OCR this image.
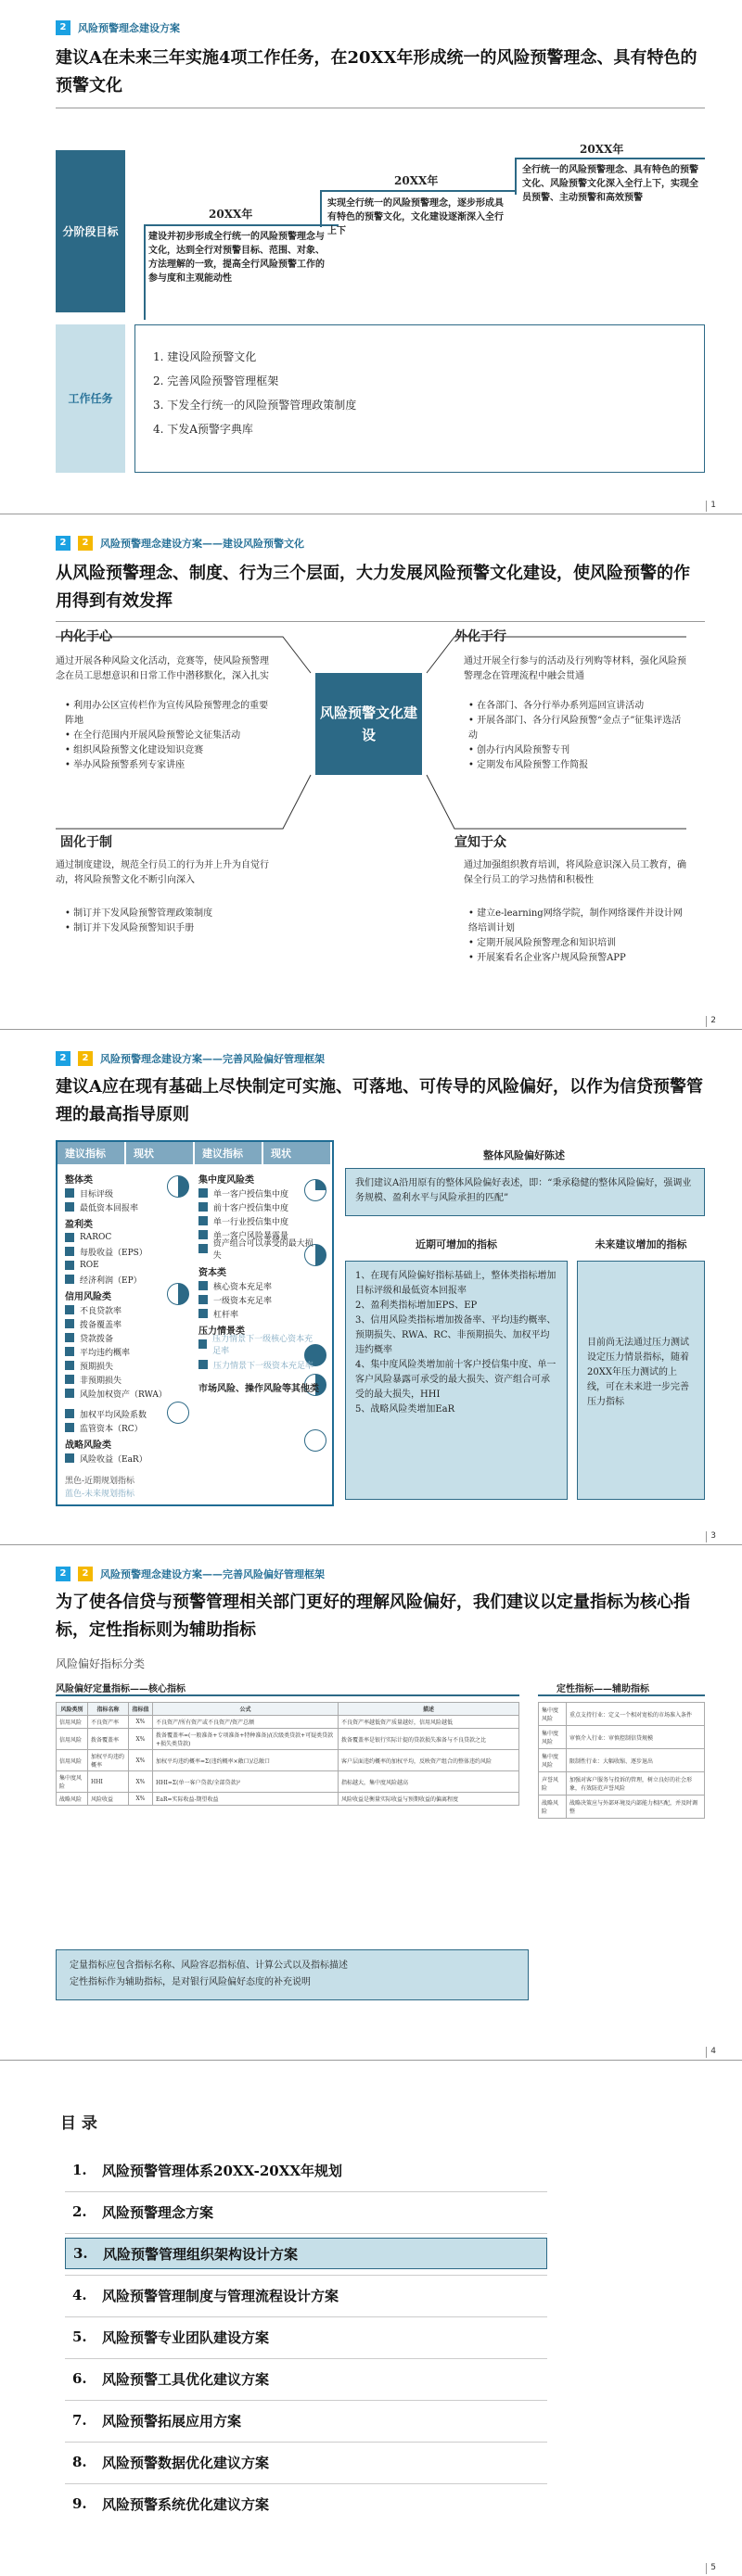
2	风险预警理念建设方案
建议A在未来三年实施4项工作任务，在20XX年形成统一的风险预警理念、具有特色的预警文化
分阶段目标
20XX年
20XX年
20XX年
建设并初步形成全行统一的风险预警理念与文化，达到全行对预警目标、范围、对象、方法理解的一致，提高全行风险预警工作的参与度和主观能动性
实现全行统一的风险预警理念，逐步形成具有特色的预警文化，文化建设逐渐深入全行上下
全行统一的风险预警理念、具有特色的预警文化、风险预警文化深入全行上下，实现全员预警、主动预警和高效预警
工作任务
1. 建设风险预警文化
2. 完善风险预警管理框架
3. 下发全行统一的风险预警管理政策制度
4. 下发A预警字典库
1
2	2	风险预警理念建设方案——建设风险预警文化
从风险预警理念、制度、行为三个层面，大力发展风险预警文化建设，使风险预警的作用得到有效发挥
风险预警文化建设
内化于心
通过开展各种风险文化活动，竞赛等，使风险预警理念在员工思想意识和日常工作中潜移默化，深入扎实
• 利用办公区宣传栏作为宣传风险预警理念的重要阵地
• 在全行范围内开展风险预警论文征集活动
• 组织风险预警文化建设知识竞赛
• 举办风险预警系列专家讲座
外化于行
通过开展全行参与的活动及行列购等材料，强化风险预警理念在管理流程中融会贯通
• 在各部门、各分行举办系列巡回宣讲活动
• 开展各部门、各分行风险预警“金点子”征集评选活动
• 创办行内风险预警专刊
• 定期发布风险预警工作简报
固化于制
通过制度建设，规范全行员工的行为并上升为自觉行动，将风险预警文化不断引向深入
• 制订并下发风险预警管理政策制度
• 制订并下发风险预警知识手册
宣知于众
通过加强组织教育培训，将风险意识深入员工教育，确保全行员工的学习热情和积极性
• 建立e-learning网络学院，制作网络课件并设计网络培训计划
• 定期开展风险预警理念和知识培训
• 开展案看名企业客户规风险预警APP
2
2	2	风险预警理念建设方案——完善风险偏好管理框架
建议A应在现有基础上尽快制定可实施、可落地、可传导的风险偏好，以作为信贷预警管理的最高指导原则
建议指标	现状	建议指标	现状
整体类
目标评级
最低资本回报率
盈利类
RAROC
每股收益（EPS）
ROE
经济利润（EP）
信用风险类
不良贷款率
拨备覆盖率
贷款拨备
平均违约概率
预期损失
非预期损失
风险加权资产（RWA）
加权平均风险系数
监管资本（RC）
战略风险类
风险收益（EaR）
集中度风险类
单一客户授信集中度
前十客户授信集中度
单一行业授信集中度
单一客户风险暴露量
资产组合可以承受的最大损失
资本类
核心资本充足率
一级资本充足率
杠杆率
压力情景类
压力情景下一级核心资本充足率
压力情景下一级资本充足率
市场风险、操作风险等其他类
黑色-近期规划指标
蓝色-未来规划指标
整体风险偏好陈述
我们建议A沿用原有的整体风险偏好表述，即：“秉承稳健的整体风险偏好，强调业务规模、盈利水平与风险承担的匹配”
近期可增加的指标
1、在现有风险偏好指标基础上，整体类指标增加目标评级和最低资本回报率
2、盈利类指标增加EPS、EP
3、信用风险类指标增加拨备率、平均违约概率、预期损失、RWA、RC、非预期损失、加权平均违约概率
4、集中度风险类增加前十客户授信集中度、单一客户风险暴露可承受的最大损失、资产组合可承受的最大损失，HHI
5、战略风险类增加EaR
未来建议增加的指标
目前尚无法通过压力测试设定压力情景指标，随着20XX年压力测试的上线，可在未来进一步完善压力指标
3
2	2	风险预警理念建设方案——完善风险偏好管理框架
为了使各信贷与预警管理相关部门更好的理解风险偏好，我们建议以定量指标为核心指标，定性指标则为辅助指标
风险偏好指标分类
风险偏好定量指标——核心指标	定性指标——辅助指标
风险类别	指标名称	指标值	公式	描述
信用风险	不良资产率	X%	不良资产/所有资产或不良资产/资产总额	不良资产率越低资产质量越好，信用风险越低
信用风险	拨备覆盖率	X%	拨备覆盖率=(一般准备+专项准备+特种准备)/(次级类贷款+可疑类贷款+损失类贷款)	拨备覆盖率是银行实际计提的贷款损失准备与不良贷款之比
信用风险	加权平均违约概率	X%	加权平均违约概率=Σ(违约概率×敞口)/总敞口	客户层面违约概率的加权平均，反映资产组合的整体违约风险
集中度风险	HHI	X%	HHI=Σ(单一客户贷款/全部贷款)²	指标越大，集中度风险越高
战略风险	风险收益	X%	EaR=实际收益-期望收益	风险收益是衡量实际收益与预期收益的偏离程度
集中度风险	重点支持行业：定义一个相对宽松的市场准入条件
集中度风险	审慎介入行业：审慎控制信贷规模
集中度风险	限制性行业：大幅收缩、逐步退出
声誉风险	加强对客户服务与投诉的管理，树立良好的社会形象，有效防范声誉风险
战略风险	战略决策应与外部环境及内部能力相匹配，并及时调整
定量指标应包含指标名称、风险容忍指标值、计算公式以及指标描述
定性指标作为辅助指标，是对银行风险偏好态度的补充说明
4
目 录
1.	风险预警管理体系20XX-20XX年规划
2.	风险预警理念方案
3.	风险预警管理组织架构设计方案
4.	风险预警管理制度与管理流程设计方案
5.	风险预警专业团队建设方案
6.	风险预警工具优化建议方案
7.	风险预警拓展应用方案
8.	风险预警数据优化建议方案
9.	风险预警系统优化建议方案
5
